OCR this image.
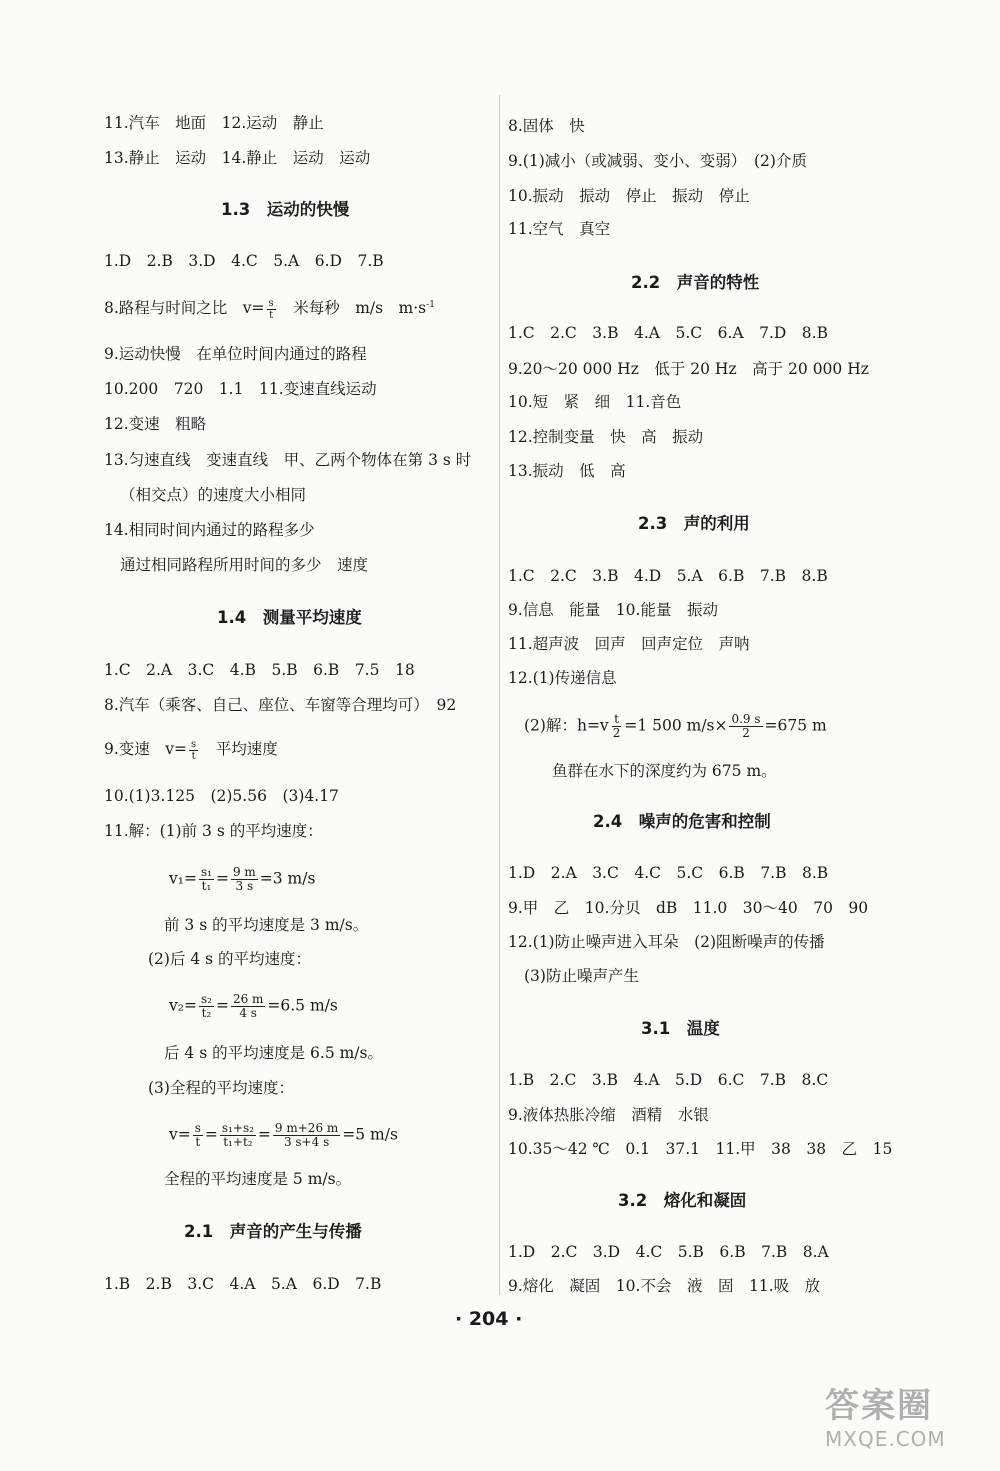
11.汽车　地面　12.运动　静止
13.静止　运动　14.静止　运动　运动
1.3　运动的快慢
1.D　2.B　3.D　4.C　5.A　6.D　7.B
8.路程与时间之比　$v= \frac{s}{t}$ 　米每秒　m/s　$m\cdot s^{-1}$
9.运动快慢　在单位时间内通过的路程
10.200　720　1.1　11.变速直线运动
12.变速　粗略
13.匀速直线　变速直线　甲、乙两个物体在第 3 s 时
（相交点）的速度大小相同
14.相同时间内通过的路程多少
通过相同路程所用时间的多少　速度
1.4　测量平均速度
1.C　2.A　3.C　4.B　5.B　6.B　7.5　18
8.汽车（乘客、自己、座位、车窗等合理均可）　92
9.变速　$v= \frac{s}{t}$ 　平均速度
10.(1)3.125　(2)5.56　(3)4.17
11.解：(1)前 3 s 的平均速度：
$v_1= \frac{\text{s₁}}{\text{t₁}} = \frac{9 m}{3 s} =3$ m/s
前 3 s 的平均速度是 3 m/s。
(2)后 4 s 的平均速度：
$v_2= \frac{\text{s₂}}{\text{t₂}} = \frac{26 m}{4 s} =6.5$ m/s
后 4 s 的平均速度是 6.5 m/s。
(3)全程的平均速度：
$v= \frac{s}{t} = \frac{\text{s₁+s₂}}{\text{t₁+t₂}} = \frac{9 m+26 m}{3 s+4 s} =5$ m/s
全程的平均速度是 5 m/s。
2.1　声音的产生与传播
1.B　2.B　3.C　4.A　5.A　6.D　7.B
8.固体　快
9.(1)减小（或减弱、变小、变弱）　(2)介质
10.振动　振动　停止　振动　停止
11.空气　真空
2.2　声音的特性
1.C　2.C　3.B　4.A　5.C　6.A　7.D　8.B
9.20～20 000 Hz　低于 20 Hz　高于 20 000 Hz
10.短　紧　细　11.音色
12.控制变量　快　高　振动
13.振动　低　高
2.3　声的利用
1.C　2.C　3.B　4.D　5.A　6.B　7.B　8.B
9.信息　能量　10.能量　振动
11.超声波　回声　回声定位　声呐
12.(1)传递信息
(2)解：$h=v \frac{t}{2} =1$ 500 $m/s\times \frac{0.9 s}{2} =675$ m
鱼群在水下的深度约为 675 m。
2.4　噪声的危害和控制
1.D　2.A　3.C　4.C　5.C　6.B　7.B　8.B
9.甲　乙　10.分贝　dB　11.0　30～40　70　90
12.(1)防止噪声进入耳朵　(2)阻断噪声的传播
(3)防止噪声产生
3.1　温度
1.B　2.C　3.B　4.A　5.D　6.C　7.B　8.C
9.液体热胀冷缩　酒精　水银
10.35～42 ℃　0.1　37.1　11.甲　38　38　乙　15
3.2　熔化和凝固
1.D　2.C　3.D　4.C　5.B　6.B　7.B　8.A
9.熔化　凝固　10.不会　液　固　11.吸　放
· 204 ·
答案圈
MXQE.COM
